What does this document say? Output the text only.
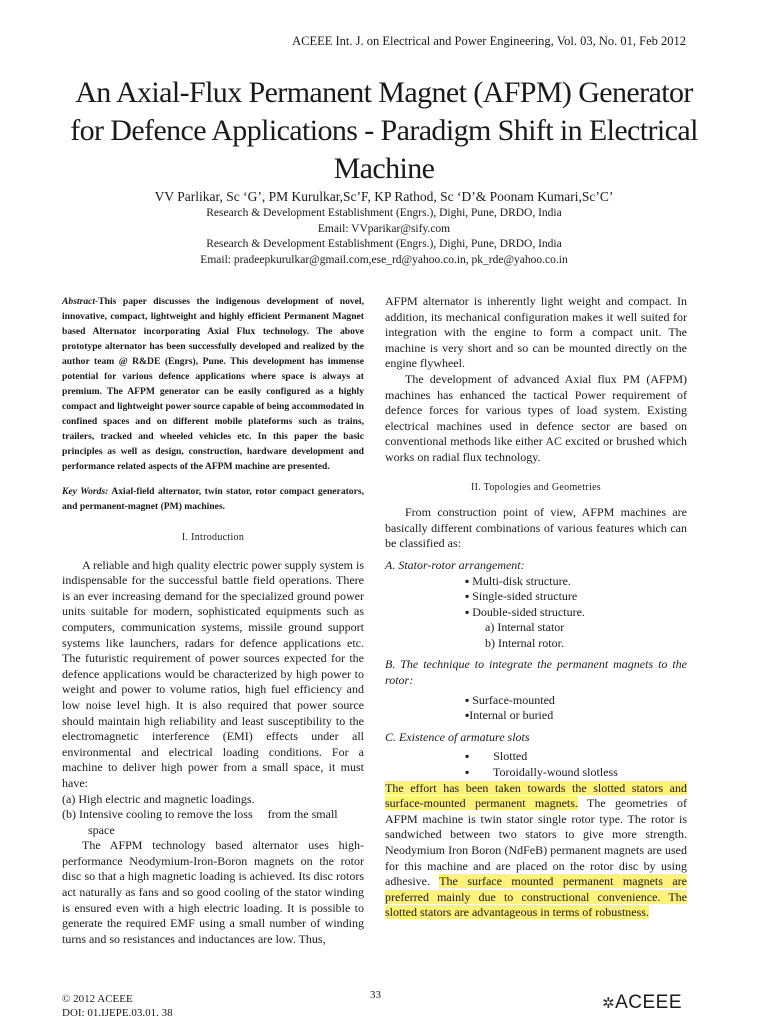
ACEEE Int. J. on Electrical and Power Engineering, Vol. 03, No. 01, Feb 2012
An Axial-Flux Permanent Magnet (AFPM) Generator
for Defence Applications - Paradigm Shift in Electrical
Machine
VV Parlikar, Sc ‘G’, PM Kurulkar,Sc’F, KP Rathod, Sc ‘D’& Poonam Kumari,Sc’C’
Research & Development Establishment (Engrs.), Dighi, Pune, DRDO, India
Email: VVparikar@sify.com
Research & Development Establishment (Engrs.), Dighi, Pune, DRDO, India
Email: pradeepkurulkar@gmail.com,ese_rd@yahoo.co.in, pk_rde@yahoo.co.in
Abstract-This paper discusses the indigenous development of novel, innovative, compact, lightweight and highly efficient Permanent Magnet based Alternator incorporating Axial Flux technology. The above prototype alternator has been successfully developed and realized by the author team @ R&DE (Engrs), Pune. This development has immense potential for various defence applications where space is always at premium. The AFPM generator can be easily configured as a highly compact and lightweight power source capable of being accommodated in confined spaces and on different mobile plateforms such as trains, trailers, tracked and wheeled vehicles etc. In this paper the basic principles as well as design, construction, hardware development and performance related aspects of the AFPM machine are presented.
Key Words: Axial-field alternator, twin stator, rotor compact generators, and permanent-magnet (PM) machines.
I. Introduction
A reliable and high quality electric power supply system is indispensable for the successful battle field operations. There is an ever increasing demand for the specialized ground power units suitable for modern, sophisticated equipments such as computers, communication systems, missile ground support systems like launchers, radars for defence applications etc. The futuristic requirement of power sources expected for the defence applications would be characterized by high power to weight and power to volume ratios, high fuel efficiency and low noise level high. It is also required that power source should maintain high reliability and least susceptibility to the electromagnetic interference (EMI) effects under all environmental and electrical loading conditions. For a machine to deliver high power from a small space, it must have:
(a) High electric and magnetic loadings.
(b) Intensive cooling to remove the loss     from the small
space
The AFPM technology based alternator uses high-performance Neodymium-Iron-Boron magnets on the rotor disc so that a high magnetic loading is achieved. Its disc rotors act naturally as fans and so good cooling of the stator winding is ensured even with a high electric loading. It is possible to generate the required EMF using a small number of winding turns and so resistances and inductances are low. Thus,
AFPM alternator is inherently light weight and compact. In addition, its mechanical configuration makes it well suited for integration with the engine to form a compact unit. The machine is very short and so can be mounted directly on the engine flywheel.
The development of advanced Axial flux PM (AFPM) machines has enhanced the tactical Power requirement of defence forces for various types of load system. Existing electrical machines used in defence sector are based on conventional methods like either AC excited or brushed which works on radial flux technology.
II. Topologies and Geometries
From construction point of view, AFPM machines are basically different combinations of various features which can be classified as:
A. Stator-rotor arrangement:
▪ Multi-disk structure.
▪ Single-sided structure
▪ Double-sided structure.
a) Internal stator
b) Internal rotor.
B. The technique to integrate the permanent magnets to the rotor:
▪ Surface-mounted
▪Internal or buried
C. Existence of armature slots
▪        Slotted
▪        Toroidally-wound slotless
The effort has been taken towards the slotted stators and surface-mounted permanent magnets. The geometries of AFPM machine is twin stator single rotor type. The rotor is sandwiched between two stators to give more strength. Neodymium Iron Boron (NdFeB) permanent magnets are used for this machine and are placed on the rotor disc by using adhesive. The surface mounted permanent magnets are preferred mainly due to constructional convenience. The slotted stators are advantageous in terms of robustness.
© 2012 ACEEE
DOI: 01.IJEPE.03.01. 38
33	✲ACEEE
